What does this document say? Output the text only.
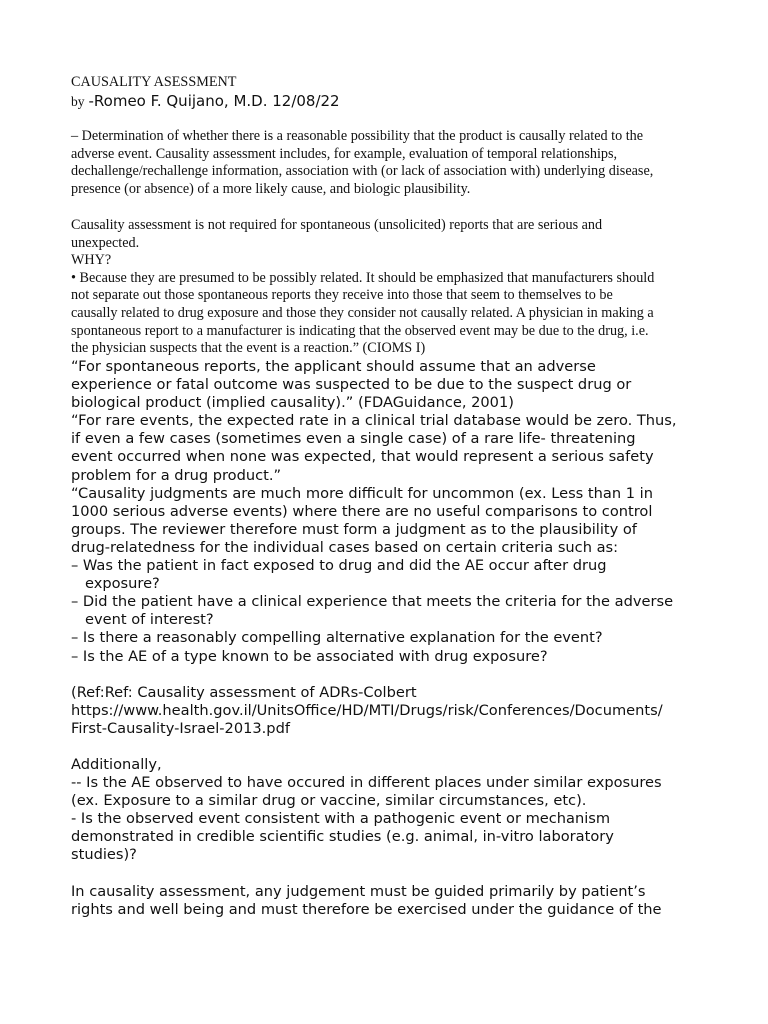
CAUSALITY ASESSMENT
by -Romeo F. Quijano, M.D. 12/08/22
– Determination of whether there is a reasonable possibility that the product is causally related to the
adverse event. Causality assessment includes, for example, evaluation of temporal relationships,
dechallenge/rechallenge information, association with (or lack of association with) underlying disease,
presence (or absence) of a more likely cause, and biologic plausibility.
Causality assessment is not required for spontaneous (unsolicited) reports that are serious and
unexpected.
WHY?
• Because they are presumed to be possibly related. It should be emphasized that manufacturers should
not separate out those spontaneous reports they receive into those that seem to themselves to be
causally related to drug exposure and those they consider not causally related. A physician in making a
spontaneous report to a manufacturer is indicating that the observed event may be due to the drug, i.e.
the physician suspects that the event is a reaction.” (CIOMS I)
“For spontaneous reports, the applicant should assume that an adverse
experience or fatal outcome was suspected to be due to the suspect drug or
biological product (implied causality).” (FDAGuidance, 2001)
“For rare events, the expected rate in a clinical trial database would be zero. Thus,
if even a few cases (sometimes even a single case) of a rare life- threatening
event occurred when none was expected, that would represent a serious safety
problem for a drug product.”
“Causality judgments are much more difficult for uncommon (ex. Less than 1 in
1000 serious adverse events) where there are no useful comparisons to control
groups. The reviewer therefore must form a judgment as to the plausibility of
drug-relatedness for the individual cases based on certain criteria such as:
– Was the patient in fact exposed to drug and did the AE occur after drug
exposure?
– Did the patient have a clinical experience that meets the criteria for the adverse
event of interest?
– Is there a reasonably compelling alternative explanation for the event?
– Is the AE of a type known to be associated with drug exposure?
(Ref:Ref: Causality assessment of ADRs-Colbert
https://www.health.gov.il/UnitsOffice/HD/MTI/Drugs/risk/Conferences/Documents/
First-Causality-Israel-2013.pdf
Additionally,
-- Is the AE observed to have occured in different places under similar exposures
(ex. Exposure to a similar drug or vaccine, similar circumstances, etc).
- Is the observed event consistent with a pathogenic event or mechanism
demonstrated in credible scientific studies (e.g. animal, in-vitro laboratory
studies)?
In causality assessment, any judgement must be guided primarily by patient’s
rights and well being and must therefore be exercised under the guidance of the
